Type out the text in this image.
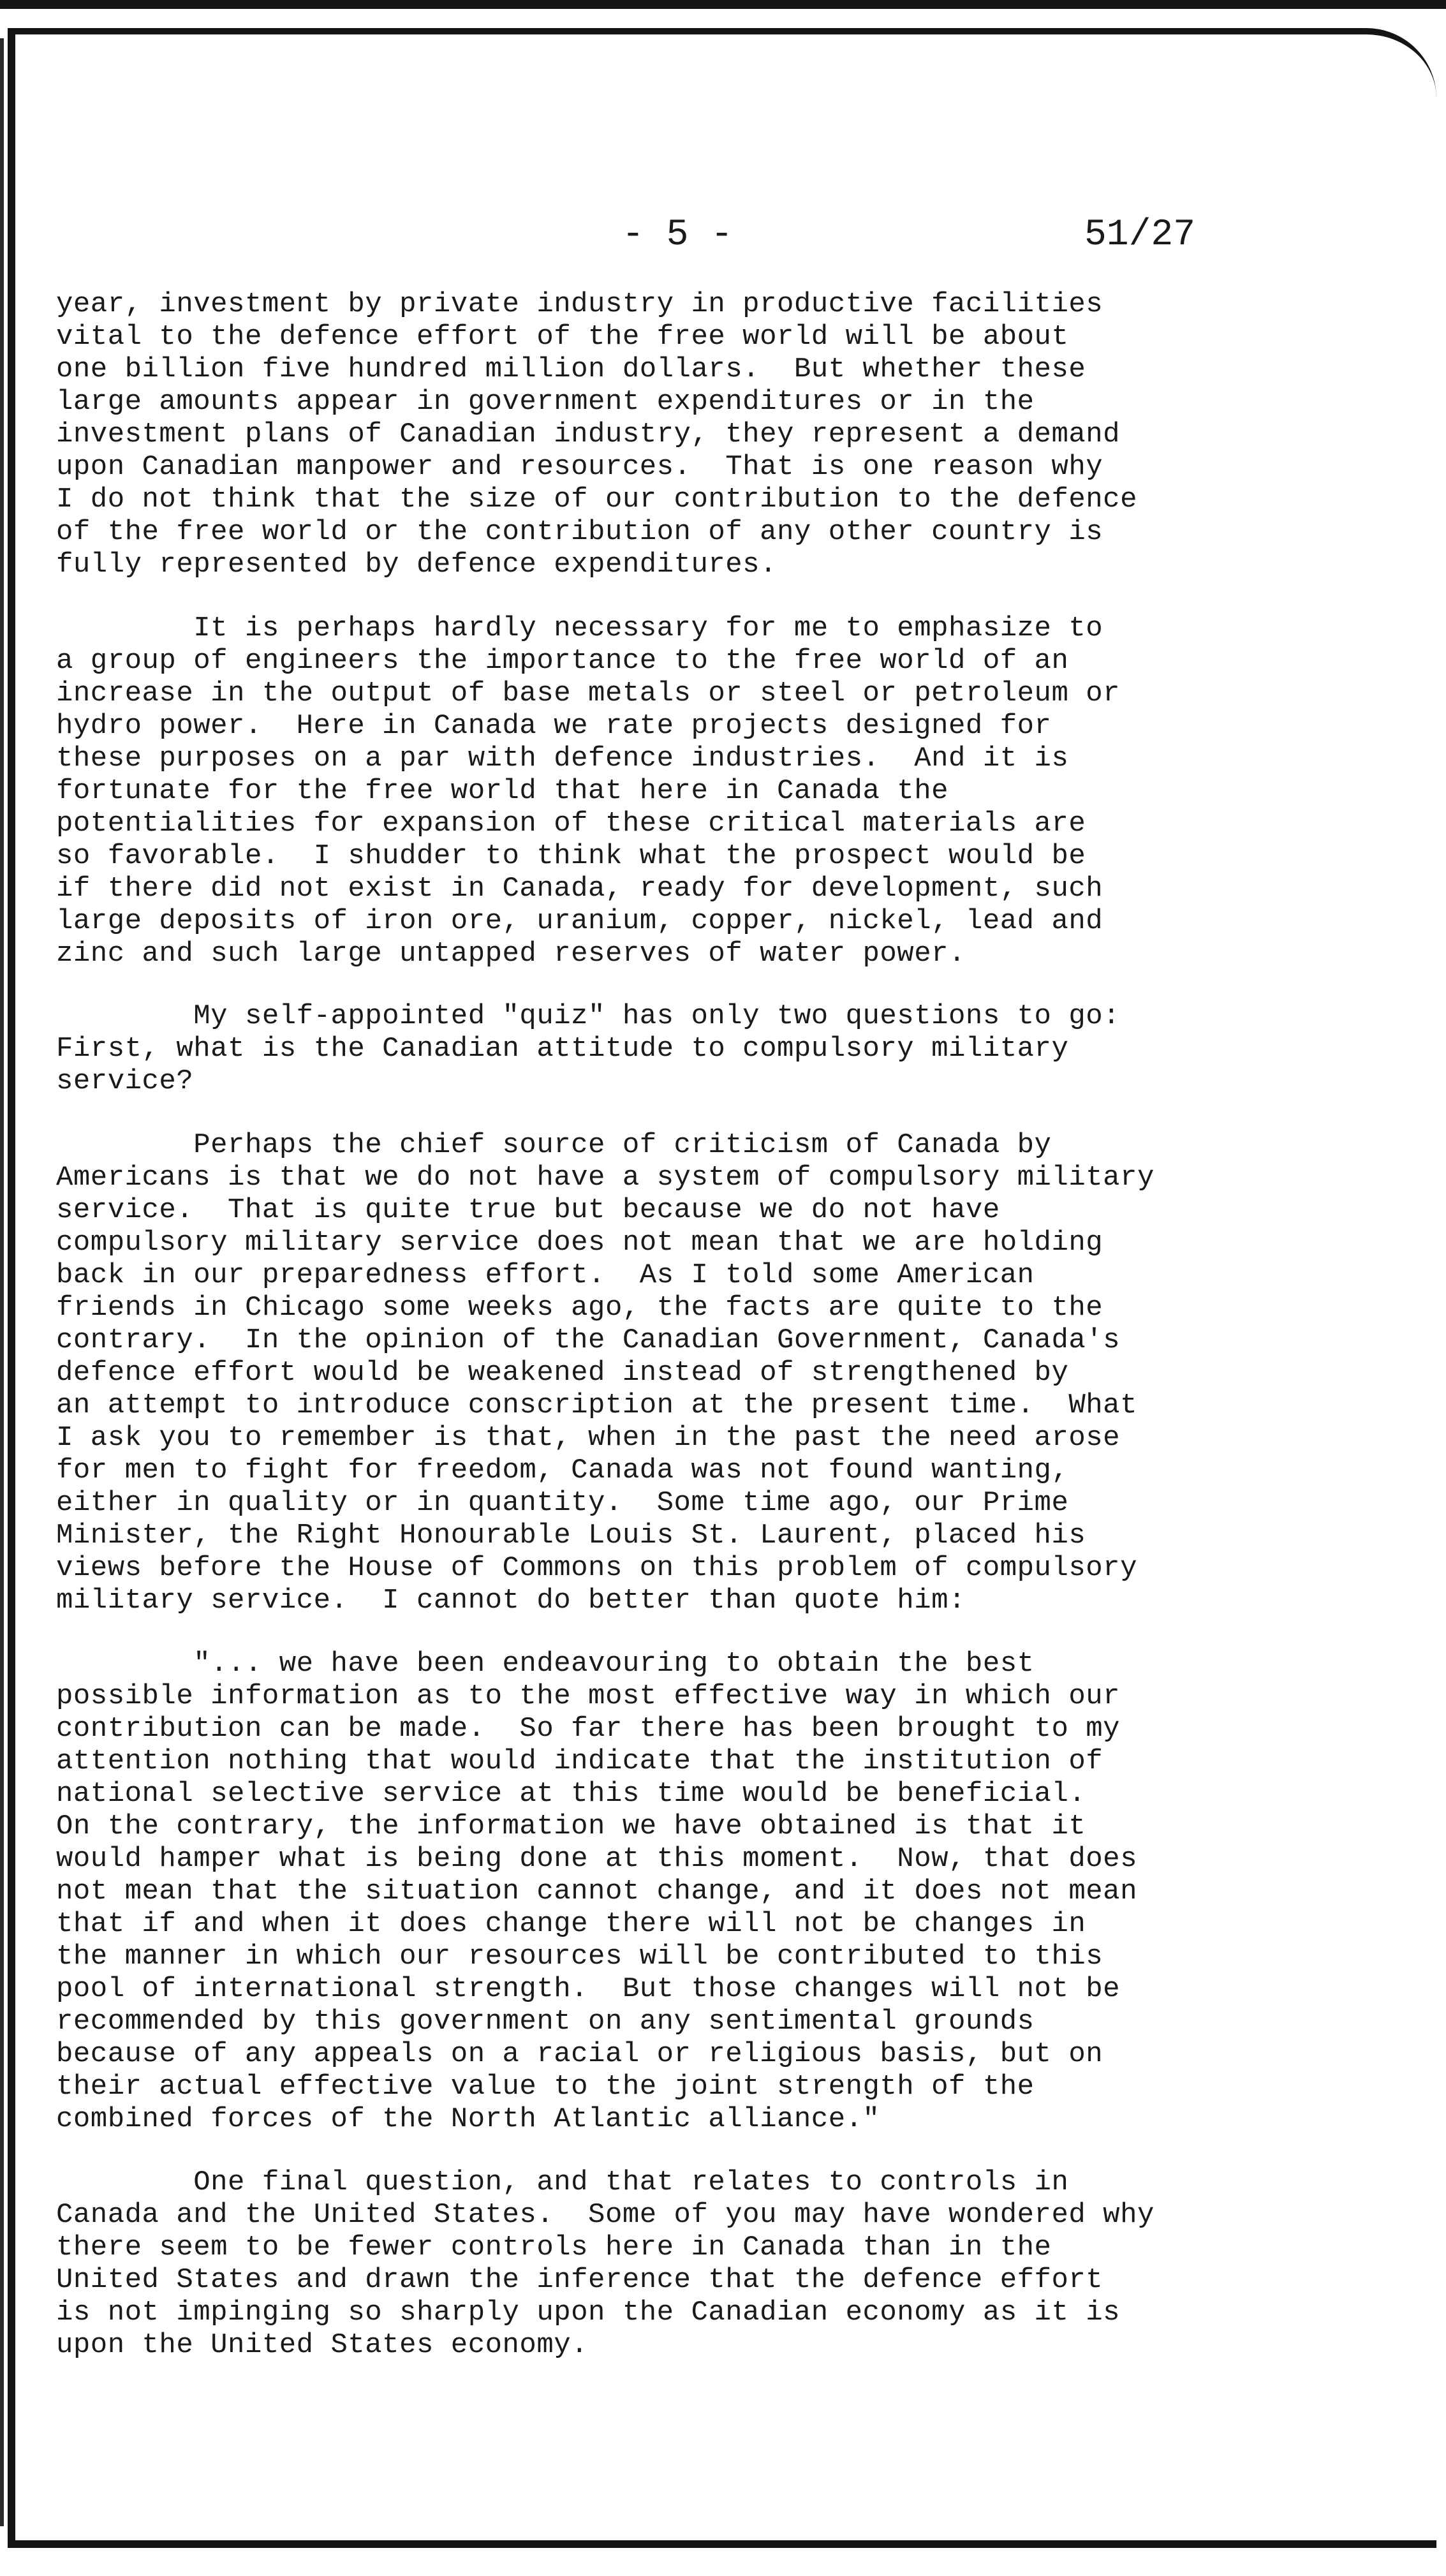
- 5 -	51/27
year, investment by private industry in productive facilities
vital to the defence effort of the free world will be about
one billion five hundred million dollars.  But whether these
large amounts appear in government expenditures or in the
investment plans of Canadian industry, they represent a demand
upon Canadian manpower and resources.  That is one reason why
I do not think that the size of our contribution to the defence
of the free world or the contribution of any other country is
fully represented by defence expenditures.
It is perhaps hardly necessary for me to emphasize to
a group of engineers the importance to the free world of an
increase in the output of base metals or steel or petroleum or
hydro power.  Here in Canada we rate projects designed for
these purposes on a par with defence industries.  And it is
fortunate for the free world that here in Canada the
potentialities for expansion of these critical materials are
so favorable.  I shudder to think what the prospect would be
if there did not exist in Canada, ready for development, such
large deposits of iron ore, uranium, copper, nickel, lead and
zinc and such large untapped reserves of water power.
My self-appointed "quiz" has only two questions to go:
First, what is the Canadian attitude to compulsory military
service?
Perhaps the chief source of criticism of Canada by
Americans is that we do not have a system of compulsory military
service.  That is quite true but because we do not have
compulsory military service does not mean that we are holding
back in our preparedness effort.  As I told some American
friends in Chicago some weeks ago, the facts are quite to the
contrary.  In the opinion of the Canadian Government, Canada's
defence effort would be weakened instead of strengthened by
an attempt to introduce conscription at the present time.  What
I ask you to remember is that, when in the past the need arose
for men to fight for freedom, Canada was not found wanting,
either in quality or in quantity.  Some time ago, our Prime
Minister, the Right Honourable Louis St. Laurent, placed his
views before the House of Commons on this problem of compulsory
military service.  I cannot do better than quote him:
"... we have been endeavouring to obtain the best
possible information as to the most effective way in which our
contribution can be made.  So far there has been brought to my
attention nothing that would indicate that the institution of
national selective service at this time would be beneficial.
On the contrary, the information we have obtained is that it
would hamper what is being done at this moment.  Now, that does
not mean that the situation cannot change, and it does not mean
that if and when it does change there will not be changes in
the manner in which our resources will be contributed to this
pool of international strength.  But those changes will not be
recommended by this government on any sentimental grounds
because of any appeals on a racial or religious basis, but on
their actual effective value to the joint strength of the
combined forces of the North Atlantic alliance."
One final question, and that relates to controls in
Canada and the United States.  Some of you may have wondered why
there seem to be fewer controls here in Canada than in the
United States and drawn the inference that the defence effort
is not impinging so sharply upon the Canadian economy as it is
upon the United States economy.
